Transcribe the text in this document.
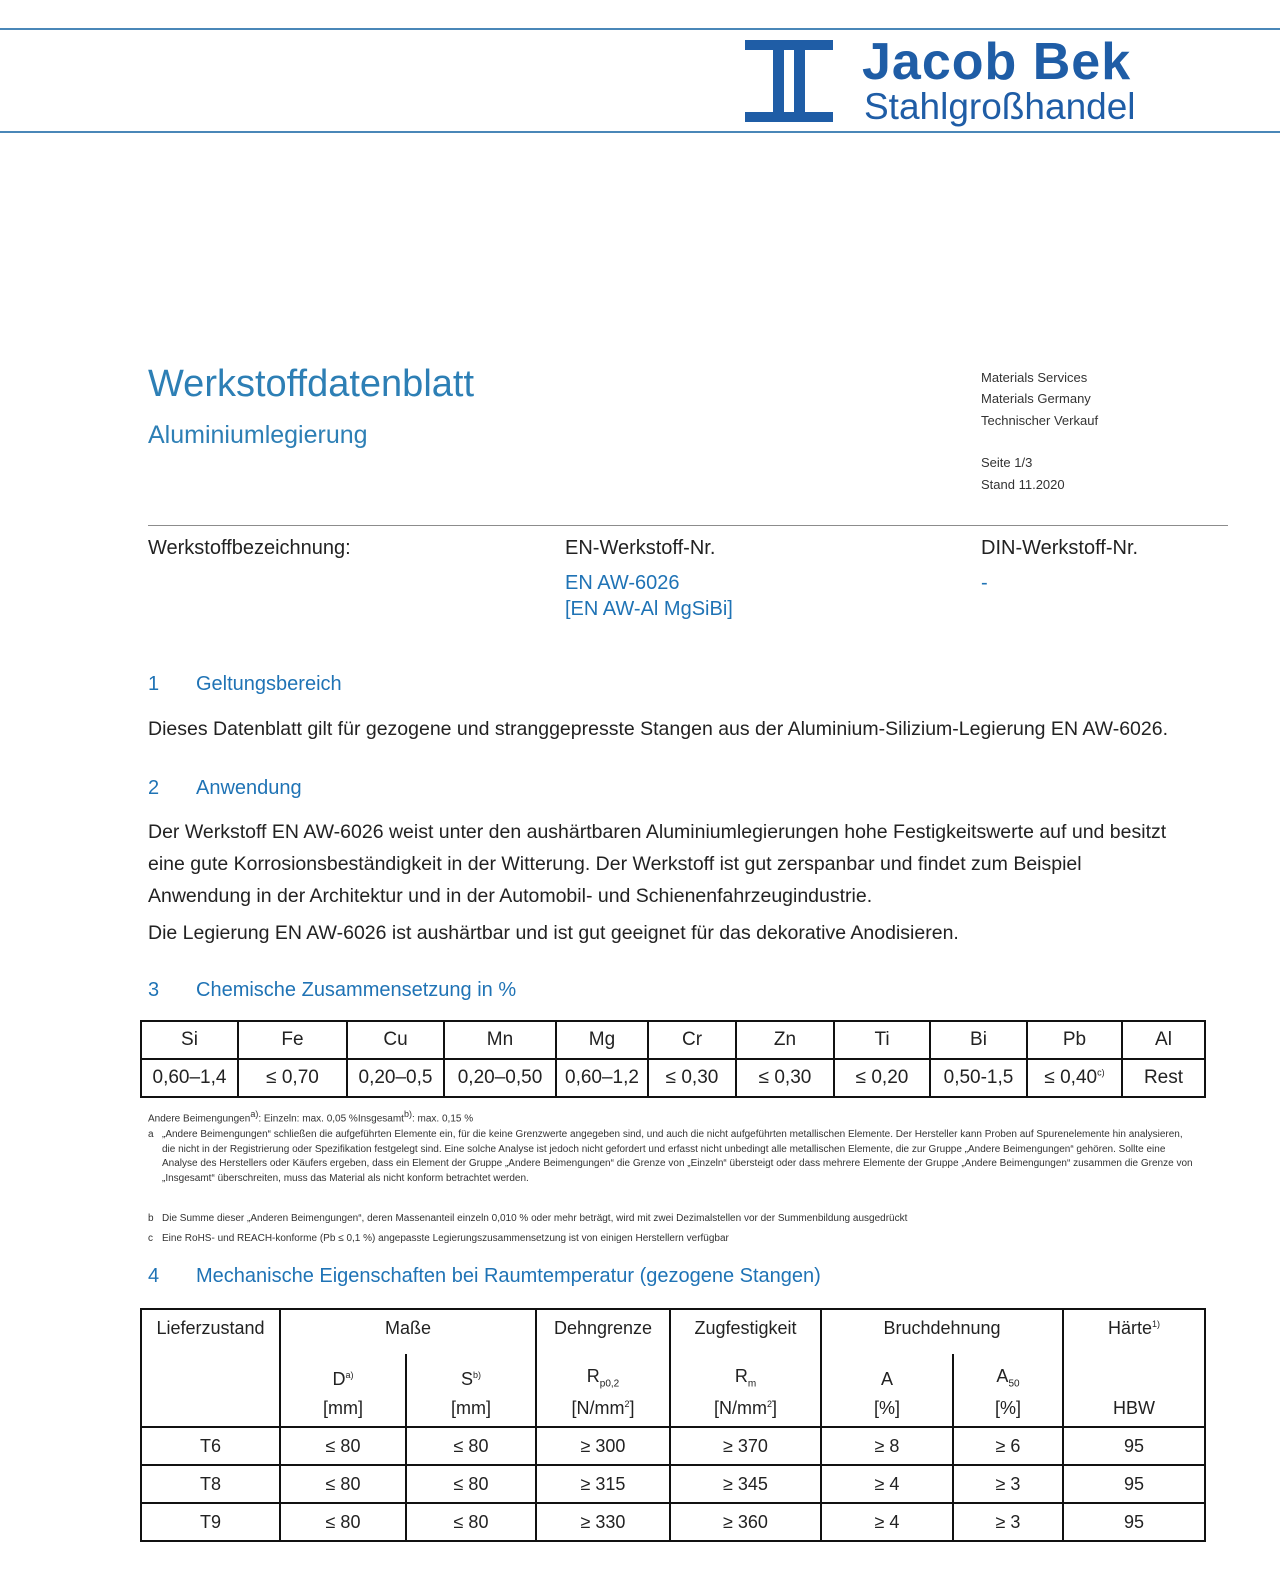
Jacob Bek
Stahlgroßhandel
Werkstoffdatenblatt
Aluminiumlegierung
Materials Services
Materials Germany
Technischer Verkauf
Seite 1/3
Stand 11.2020
Werkstoffbezeichnung:	EN-Werkstoff-Nr.	DIN-Werkstoff-Nr.
EN AW-6026
[EN AW-Al MgSiBi]
-
1 Geltungsbereich
Dieses Datenblatt gilt für gezogene und stranggepresste Stangen aus der Aluminium-Silizium-Legierung EN AW-6026.
2 Anwendung
Der Werkstoff EN AW-6026 weist unter den aushärtbaren Aluminiumlegierungen hohe Festigkeitswerte auf und besitzt
eine gute Korrosionsbeständigkeit in der Witterung. Der Werkstoff ist gut zerspanbar und findet zum Beispiel
Anwendung in der Architektur und in der Automobil- und Schienenfahrzeugindustrie.
Die Legierung EN AW-6026 ist aushärtbar und ist gut geeignet für das dekorative Anodisieren.
3 Chemische Zusammensetzung in %
Si	Fe	Cu	Mn	Mg	Cr	Zn	Ti	Bi	Pb	Al
0,60–1,4	≤ 0,70	0,20–0,5	0,20–0,50	0,60–1,2	≤ 0,30	≤ 0,30	≤ 0,20	0,50-1,5	≤ $0,40^{c)}$	Rest
Andere Beimengungen$^{a)}$: Einzeln: max. 0,05 %Insgesamt$^{b)}$: max. 0,15 %
a „Andere Beimengungen“ schließen die aufgeführten Elemente ein, für die keine Grenzwerte angegeben sind, und auch die nicht aufgeführten metallischen Elemente. Der Hersteller kann Proben auf Spurenelemente hin analysieren, die nicht in der Registrierung oder Spezifikation festgelegt sind. Eine solche Analyse ist jedoch nicht gefordert und erfasst nicht unbedingt alle metallischen Elemente, die zur Gruppe „Andere Beimengungen“ gehören. Sollte eine Analyse des Herstellers oder Käufers ergeben, dass ein Element der Gruppe „Andere Beimengungen“ die Grenze von „Einzeln“ übersteigt oder dass mehrere Elemente der Gruppe „Andere Beimengungen“ zusammen die Grenze von „Insgesamt“ überschreiten, muss das Material als nicht konform betrachtet werden.
b Die Summe dieser „Anderen Beimengungen“, deren Massenanteil einzeln 0,010 % oder mehr beträgt, wird mit zwei Dezimalstellen vor der Summenbildung ausgedrückt
c Eine RoHS- und REACH-konforme (Pb ≤ 0,1 %) angepasste Legierungszusammensetzung ist von einigen Herstellern verfügbar
4 Mechanische Eigenschaften bei Raumtemperatur (gezogene Stangen)
Lieferzustand	Maße		Dehngrenze	Zugfestigkeit	Bruchdehnung		Härte$^{1)}$
	$D^{a)}$	$S^{b)}$	$R_{p0,2}$	$R_m$	A	$A_{50}$	
	[mm]	[mm]	$[N/mm^2]$	$[N/mm^2]$	[%]	[%]	HBW
T6	≤ 80	≤ 80	≥ 300	≥ 370	≥ 8	≥ 6	95
T8	≤ 80	≤ 80	≥ 315	≥ 345	≥ 4	≥ 3	95
T9	≤ 80	≤ 80	≥ 330	≥ 360	≥ 4	≥ 3	95
